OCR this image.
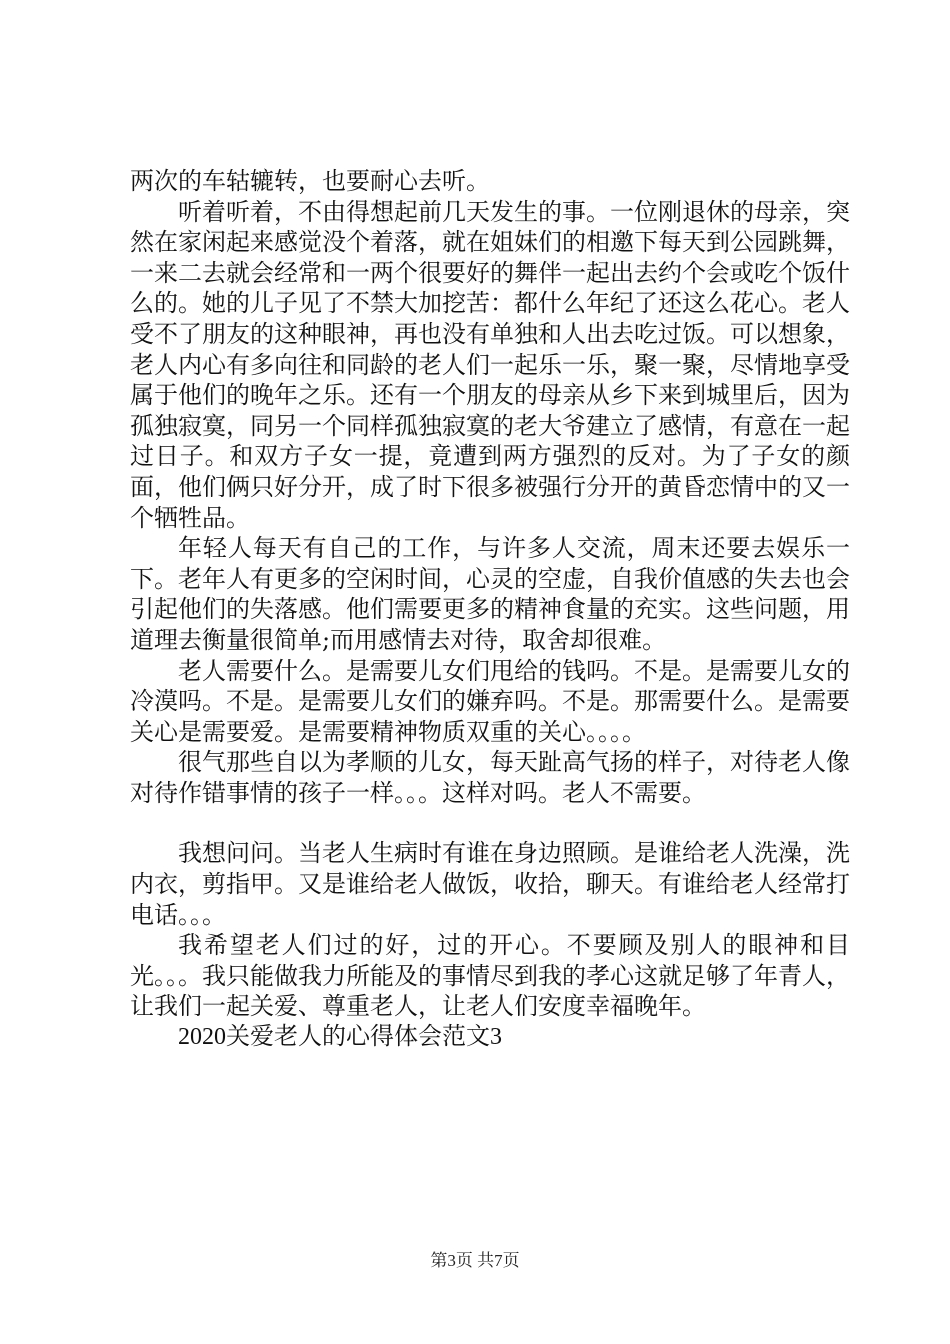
两次的车轱辘转，也要耐心去听。

听着听着，不由得想起前几天发生的事。一位刚退休的母亲，突然在家闲起来感觉没个着落，就在姐妹们的相邀下每天到公园跳舞，一来二去就会经常和一两个很要好的舞伴一起出去约个会或吃个饭什么的。她的儿子见了不禁大加挖苦：都什么年纪了还这么花心。老人受不了朋友的这种眼神，再也没有单独和人出去吃过饭。可以想象，老人内心有多向往和同龄的老人们一起乐一乐，聚一聚，尽情地享受属于他们的晚年之乐。还有一个朋友的母亲从乡下来到城里后，因为孤独寂寞，同另一个同样孤独寂寞的老大爷建立了感情，有意在一起过日子。和双方子女一提，竟遭到两方强烈的反对。为了子女的颜面，他们俩只好分开，成了时下很多被强行分开的黄昏恋情中的又一个牺牲品。

年轻人每天有自己的工作，与许多人交流，周末还要去娱乐一下。老年人有更多的空闲时间，心灵的空虚，自我价值感的失去也会引起他们的失落感。他们需要更多的精神食量的充实。这些问题，用道理去衡量很简单;而用感情去对待，取舍却很难。

老人需要什么。是需要儿女们甩给的钱吗。不是。是需要儿女的冷漠吗。不是。是需要儿女们的嫌弃吗。不是。那需要什么。是需要关心是需要爱。是需要精神物质双重的关心。。。。

很气那些自以为孝顺的儿女，每天趾高气扬的样子，对待老人像对待作错事情的孩子一样。。。这样对吗。老人不需要。

我想问问。当老人生病时有谁在身边照顾。是谁给老人洗澡，洗内衣，剪指甲。又是谁给老人做饭，收拾，聊天。有谁给老人经常打电话。。。

我希望老人们过的好，过的开心。不要顾及别人的眼神和目光。。。我只能做我力所能及的事情尽到我的孝心这就足够了年青人，让我们一起关爱、尊重老人，让老人们安度幸福晚年。

2020关爱老人的心得体会范文3

第3页 共7页
